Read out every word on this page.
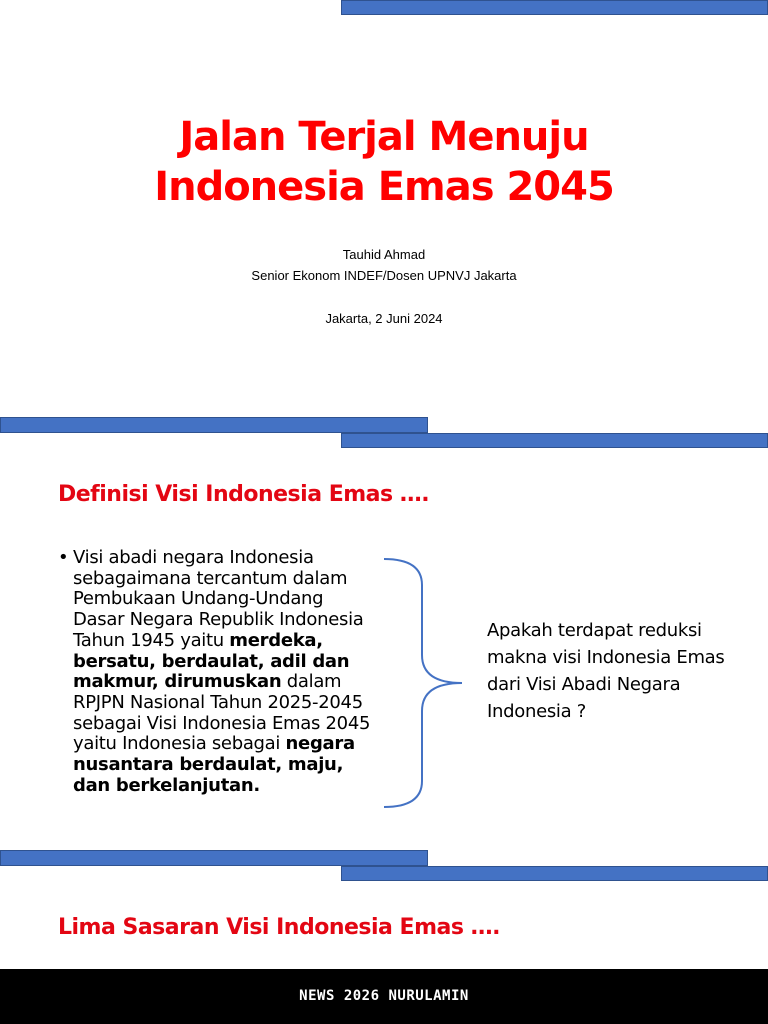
Jalan Terjal Menuju
Indonesia Emas 2045
Tauhid Ahmad
Senior Ekonom INDEF/Dosen UPNVJ Jakarta
Jakarta, 2 Juni 2024
Definisi Visi Indonesia Emas ….
• Visi abadi negara Indonesia sebagaimana tercantum dalam Pembukaan Undang-Undang Dasar Negara Republik Indonesia Tahun 1945 yaitu merdeka, bersatu, berdaulat, adil dan makmur, dirumuskan dalam RPJPN Nasional Tahun 2025-2045 sebagai Visi Indonesia Emas 2045 yaitu Indonesia sebagai negara nusantara berdaulat, maju, dan berkelanjutan.
Apakah terdapat reduksi makna visi Indonesia Emas dari Visi Abadi Negara Indonesia ?
Lima Sasaran Visi Indonesia Emas ….
NEWS 2026 NURULAMIN
